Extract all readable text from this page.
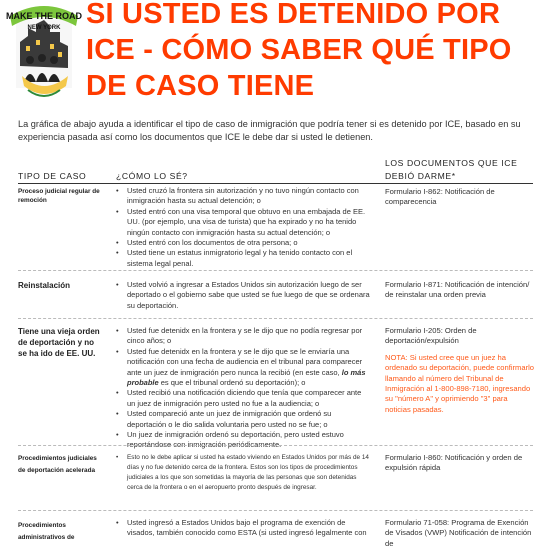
MAKE THE ROAD
NEW YORK SI USTED ES DETENIDO POR
ICE - CÓMO SABER QUÉ TIPO
DE CASO TIENE

La gráfica de abajo ayuda a identificar el tipo de caso de inmigración que podría tener si es detenido por ICE, basado en su experiencia pasada así como los documentos que ICE le debe dar si usted le detienen.

TIPO DE CASO	¿CÓMO LO SÉ?
LOS DOCUMENTOS QUE ICE
DEBIÓ DARME*
Proceso judicial regular de remoción
• Usted cruzó la frontera sin autorización y no tuvo ningún contacto con inmigración hasta su actual detención; o
• Usted entró con una visa temporal que obtuvo en una embajada de EE. UU. (por ejemplo, una visa de turista) que ha expirado y no ha tenido ningún contacto con inmigración hasta su actual detención; o
• Usted entró con los documentos de otra persona; o
• Usted tiene un estatus inmigratorio legal y ha tenido contacto con el sistema legal penal.
Formulario I-862: Notificación de comparecencia
Reinstalación
•	Usted volvió a ingresar a Estados Unidos sin autorización luego de ser deportado o el gobierno sabe que usted se fue luego de que se ordenara su deportación.
Formulario I-871: Notificación de intención/ de reinstalar una orden previa
Tiene una vieja orden de deportación y no se ha ido de EE. UU.
• Usted fue detenidx en la frontera y se le dijo que no podía regresar por cinco años; o
• Usted fue detenidx en la frontera y se le dijo que se le enviaría una notificación con una fecha de audiencia en el tribunal para comparecer ante un juez de inmigración pero nunca la recibió (en este caso, lo más probable es que el tribunal ordenó su deportación); o
• Usted recibió una notificación diciendo que tenía que comparecer ante un juez de inmigración pero usted no fue a la audiencia; o
• Usted compareció ante un juez de inmigración que ordenó su deportación o le dio salida voluntaria pero usted no se fue; o
• Un juez de inmigración ordenó su deportación, pero usted estuvo reportándose con inmigración periódicamente.
Formulario I-205: Orden de deportación/expulsión
NOTA: Si usted cree que un juez ha ordenado su deportación, puede confirmarlo llamando al número del Tribunal de Inmigración al 1-800-898-7180, ingresando su "número A" y oprimiendo "3" para noticias pasadas.
Procedimientos judiciales de deportación acelerada
• Esto no le debe aplicar si usted ha estado viviendo en Estados Unidos por más de 14 días y no fue detenido cerca de la frontera. Estos son los tipos de procedimientos judiciales a los que son sometidas la mayoría de las personas que son detenidas cerca de la frontera o en el aeropuerto pronto después de ingresar.
Formulario I-860: Notificación y orden de expulsión rápida
Procedimientos administrativos de
• Usted ingresó a Estados Unidos bajo el programa de exención de visados, también conocido como ESTA (si usted ingresó legalmente con
Formulario 71-058: Programa de Exención de Visados (VWP) Notificación de intención de
